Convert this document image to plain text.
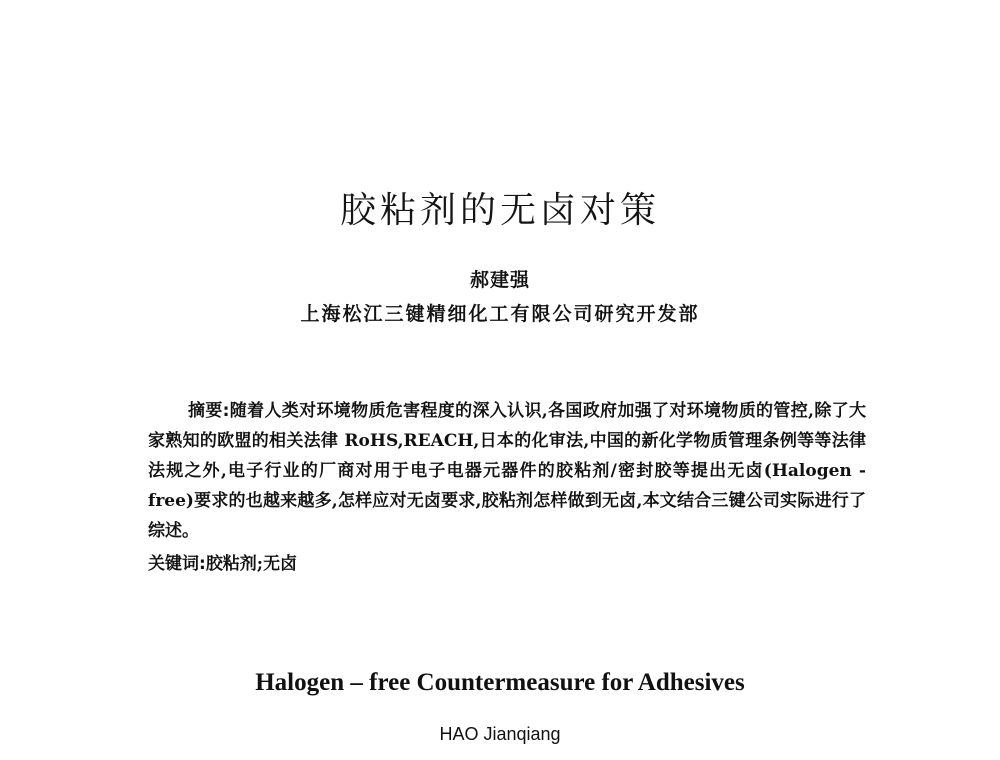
胶粘剂的无卤对策
郝建强
上海松江三键精细化工有限公司研究开发部
摘要:随着人类对环境物质危害程度的深入认识,各国政府加强了对环境物质的管控,除了大家熟知的欧盟的相关法律 RoHS,REACH,日本的化审法,中国的新化学物质管理条例等等法律法规之外,电子行业的厂商对用于电子电器元器件的胶粘剂/密封胶等提出无卤(Halogen - free)要求的也越来越多,怎样应对无卤要求,胶粘剂怎样做到无卤,本文结合三键公司实际进行了综述。
关键词:胶粘剂;无卤
Halogen – free Countermeasure for Adhesives
HAO Jianqiang
